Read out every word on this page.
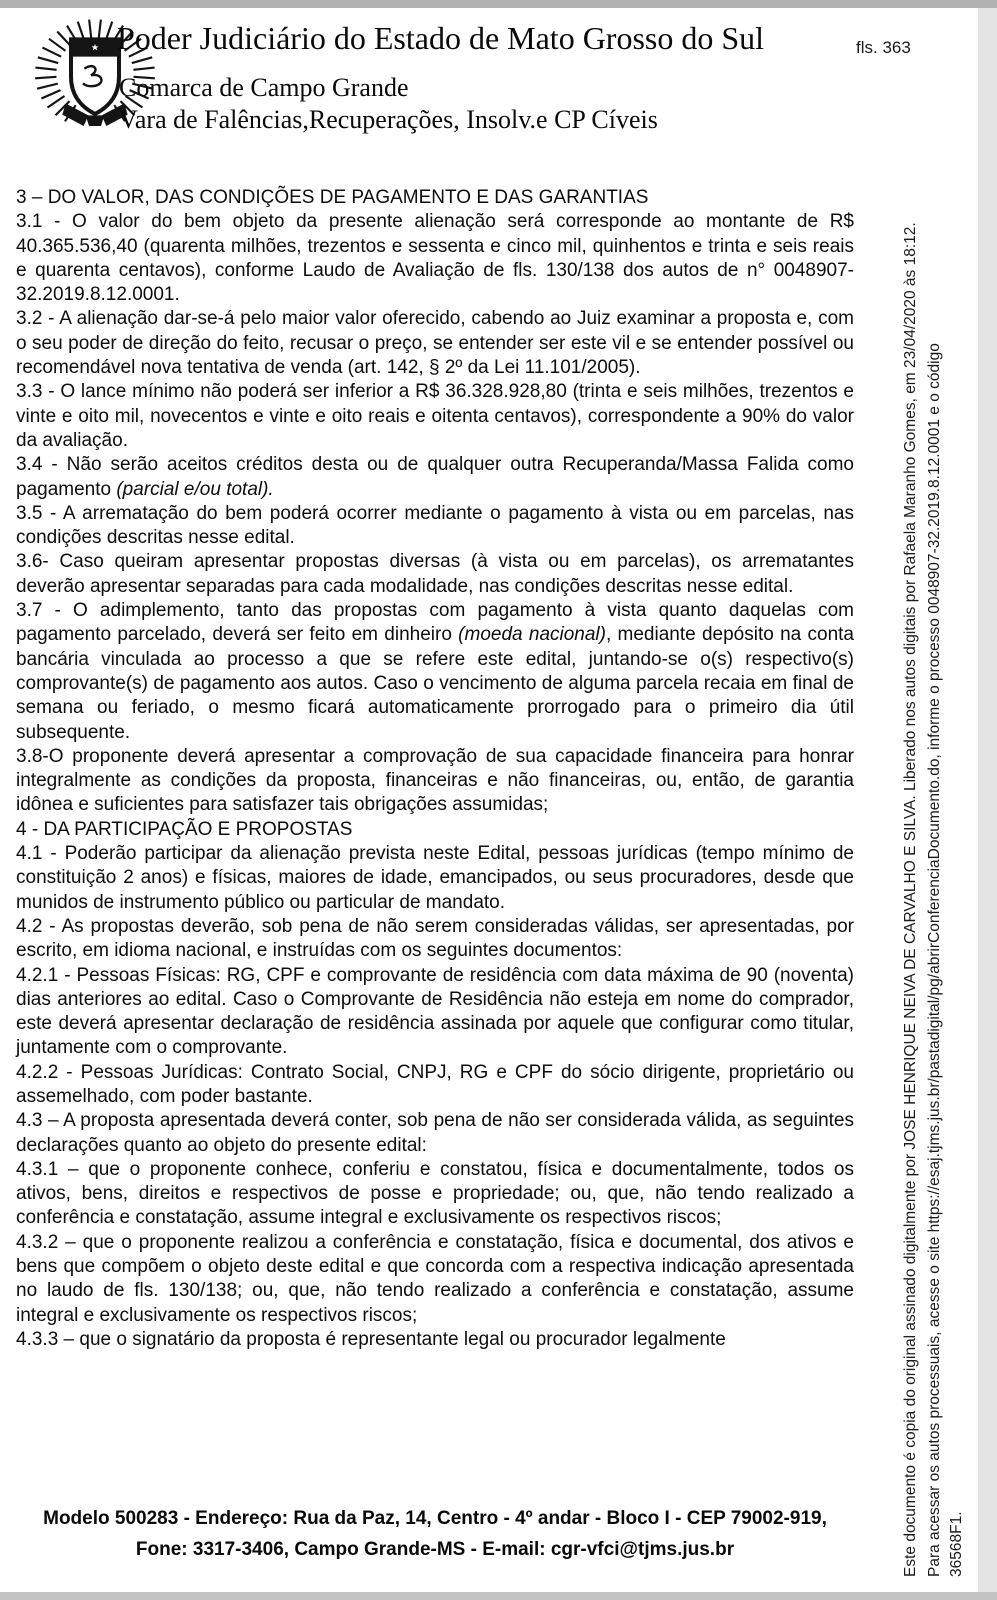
Poder Judiciário do Estado de Mato Grosso do Sul
Comarca de Campo Grande
Vara de Falências,Recuperações, Insolv.e CP Cíveis
fls. 363

3 – DO VALOR, DAS CONDIÇÕES DE PAGAMENTO E DAS GARANTIAS

3.1 - O valor do bem objeto da presente alienação será corresponde ao montante de R$ 40.365.536,40 (quarenta milhões, trezentos e sessenta e cinco mil, quinhentos e trinta e seis reais e quarenta centavos), conforme Laudo de Avaliação de fls. 130/138 dos autos de n° 0048907-32.2019.8.12.0001.

3.2 - A alienação dar-se-á pelo maior valor oferecido, cabendo ao Juiz examinar a proposta e, com o seu poder de direção do feito, recusar o preço, se entender ser este vil e se entender possível ou recomendável nova tentativa de venda (art. 142, § 2º da Lei 11.101/2005).

3.3 - O lance mínimo não poderá ser inferior a R$ 36.328.928,80 (trinta e seis milhões, trezentos e vinte e oito mil, novecentos e vinte e oito reais e oitenta centavos), correspondente a 90% do valor da avaliação.

3.4 - Não serão aceitos créditos desta ou de qualquer outra Recuperanda/Massa Falida como pagamento (parcial e/ou total).

3.5 - A arrematação do bem poderá ocorrer mediante o pagamento à vista ou em parcelas, nas condições descritas nesse edital.

3.6- Caso queiram apresentar propostas diversas (à vista ou em parcelas), os arrematantes deverão apresentar separadas para cada modalidade, nas condições descritas nesse edital.

3.7 - O adimplemento, tanto das propostas com pagamento à vista quanto daquelas com pagamento parcelado, deverá ser feito em dinheiro (moeda nacional), mediante depósito na conta bancária vinculada ao processo a que se refere este edital, juntando-se o(s) respectivo(s) comprovante(s) de pagamento aos autos. Caso o vencimento de alguma parcela recaia em final de semana ou feriado, o mesmo ficará automaticamente prorrogado para o primeiro dia útil subsequente.

3.8-O proponente deverá apresentar a comprovação de sua capacidade financeira para honrar integralmente as condições da proposta, financeiras e não financeiras, ou, então, de garantia idônea e suficientes para satisfazer tais obrigações assumidas;

4 - DA PARTICIPAÇÃO E PROPOSTAS

4.1 - Poderão participar da alienação prevista neste Edital, pessoas jurídicas (tempo mínimo de constituição 2 anos) e físicas, maiores de idade, emancipados, ou seus procuradores, desde que munidos de instrumento público ou particular de mandato.

4.2 - As propostas deverão, sob pena de não serem consideradas válidas, ser apresentadas, por escrito, em idioma nacional, e instruídas com os seguintes documentos:

4.2.1 - Pessoas Físicas: RG, CPF e comprovante de residência com data máxima de 90 (noventa) dias anteriores ao edital. Caso o Comprovante de Residência não esteja em nome do comprador, este deverá apresentar declaração de residência assinada por aquele que configurar como titular, juntamente com o comprovante.

4.2.2 - Pessoas Jurídicas: Contrato Social, CNPJ, RG e CPF do sócio dirigente, proprietário ou assemelhado, com poder bastante.

4.3 – A proposta apresentada deverá conter, sob pena de não ser considerada válida, as seguintes declarações quanto ao objeto do presente edital:

4.3.1 – que o proponente conhece, conferiu e constatou, física e documentalmente, todos os ativos, bens, direitos e respectivos de posse e propriedade; ou, que, não tendo realizado a conferência e constatação, assume integral e exclusivamente os respectivos riscos;

4.3.2 – que o proponente realizou a conferência e constatação, física e documental, dos ativos e bens que compõem o objeto deste edital e que concorda com a respectiva indicação apresentada no laudo de fls. 130/138; ou, que, não tendo realizado a conferência e constatação, assume integral e exclusivamente os respectivos riscos;

4.3.3 – que o signatário da proposta é representante legal ou procurador legalmente

Modelo 500283 - Endereço: Rua da Paz, 14, Centro - 4º andar - Bloco I - CEP 79002-919,
Fone: 3317-3406, Campo Grande-MS - E-mail: cgr-vfci@tjms.jus.br	Este documento é copia do original assinado digitalmente por JOSE HENRIQUE NEIVA DE CARVALHO E SILVA. Liberado nos autos digitais por Rafaela Maranho Gomes, em 23/04/2020 às 18:12. Para acessar os autos processuais, acesse o site https://esaj.tjms.jus.br/pastadigital/pg/abrirConferenciaDocumento.do, informe o processo 0048907-32.2019.8.12.0001 e o código 36568F1.
